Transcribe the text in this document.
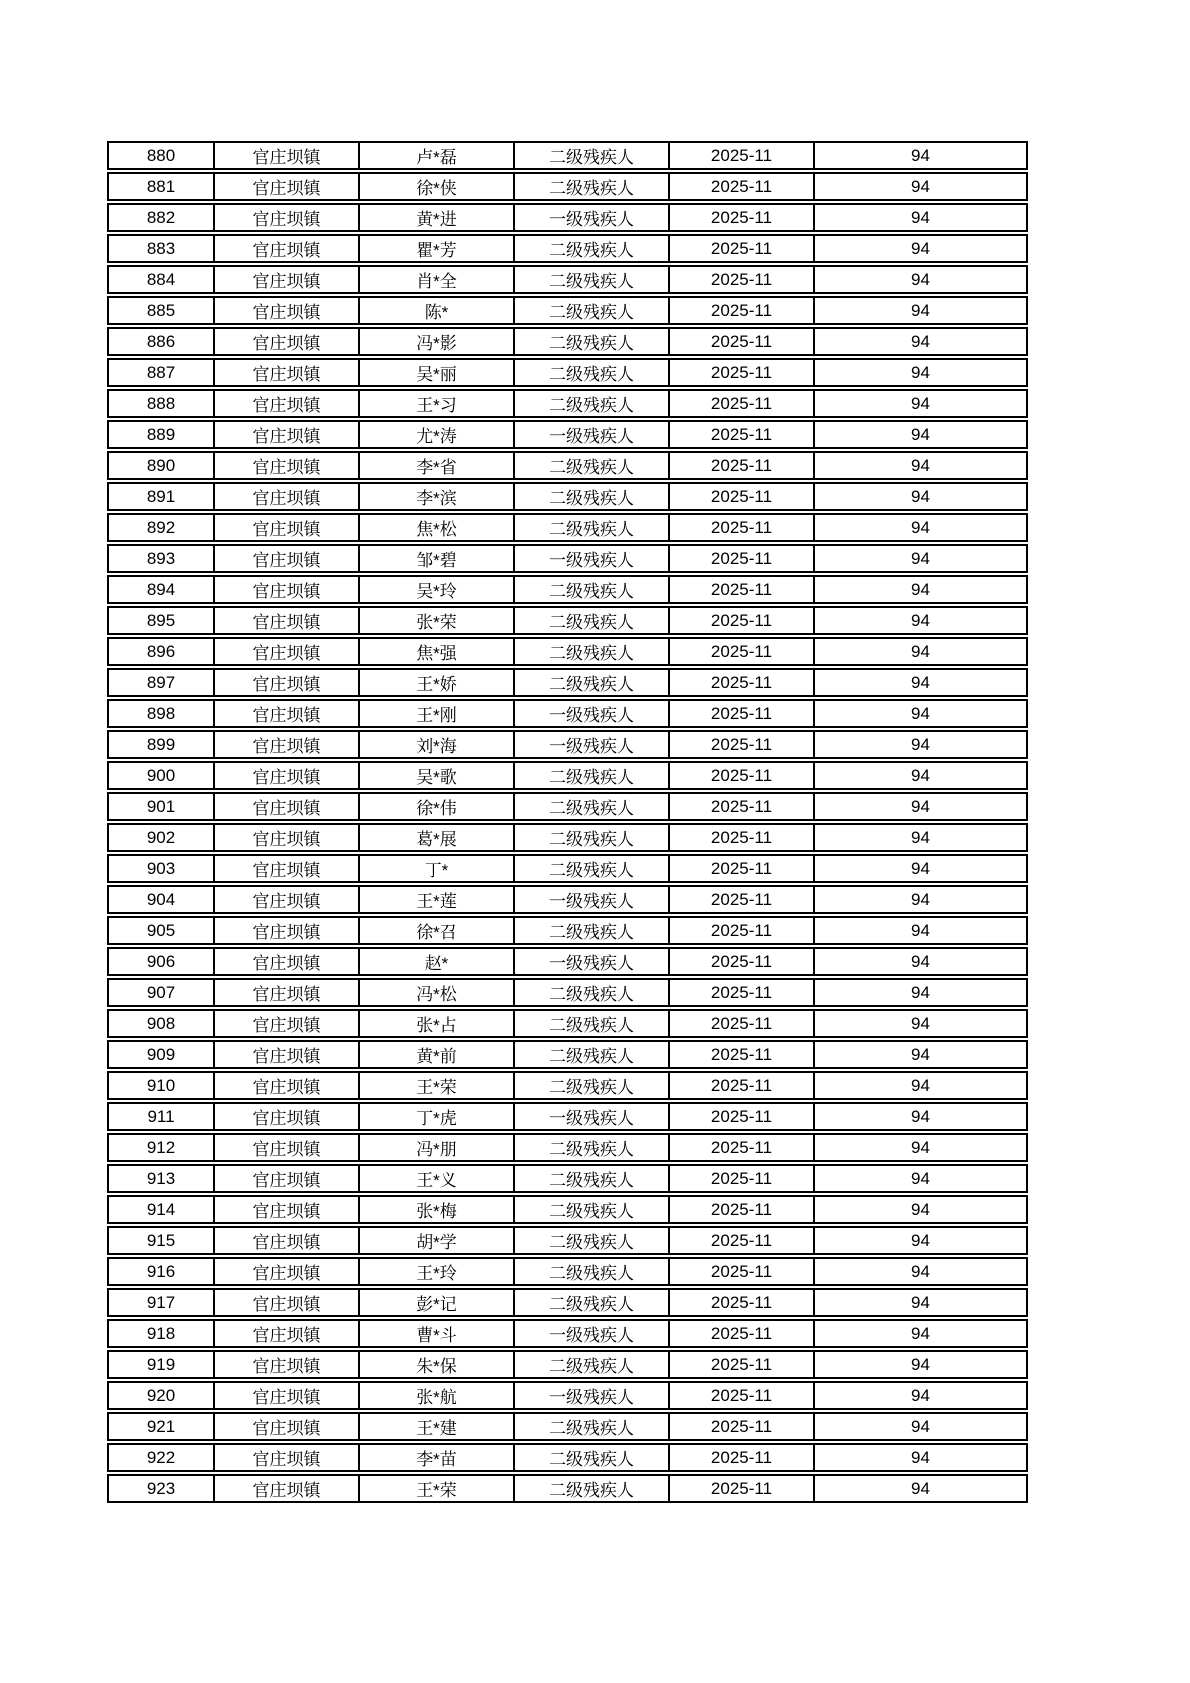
880	官庄坝镇	卢*磊	二级残疾人	2025-11	94
881	官庄坝镇	徐*侠	二级残疾人	2025-11	94
882	官庄坝镇	黄*进	一级残疾人	2025-11	94
883	官庄坝镇	瞿*芳	二级残疾人	2025-11	94
884	官庄坝镇	肖*全	二级残疾人	2025-11	94
885	官庄坝镇	陈*	二级残疾人	2025-11	94
886	官庄坝镇	冯*影	二级残疾人	2025-11	94
887	官庄坝镇	吴*丽	二级残疾人	2025-11	94
888	官庄坝镇	王*习	二级残疾人	2025-11	94
889	官庄坝镇	尤*涛	一级残疾人	2025-11	94
890	官庄坝镇	李*省	二级残疾人	2025-11	94
891	官庄坝镇	李*滨	二级残疾人	2025-11	94
892	官庄坝镇	焦*松	二级残疾人	2025-11	94
893	官庄坝镇	邹*碧	一级残疾人	2025-11	94
894	官庄坝镇	吴*玲	二级残疾人	2025-11	94
895	官庄坝镇	张*荣	二级残疾人	2025-11	94
896	官庄坝镇	焦*强	二级残疾人	2025-11	94
897	官庄坝镇	王*娇	二级残疾人	2025-11	94
898	官庄坝镇	王*刚	一级残疾人	2025-11	94
899	官庄坝镇	刘*海	一级残疾人	2025-11	94
900	官庄坝镇	吴*歌	二级残疾人	2025-11	94
901	官庄坝镇	徐*伟	二级残疾人	2025-11	94
902	官庄坝镇	葛*展	二级残疾人	2025-11	94
903	官庄坝镇	丁*	二级残疾人	2025-11	94
904	官庄坝镇	王*莲	一级残疾人	2025-11	94
905	官庄坝镇	徐*召	二级残疾人	2025-11	94
906	官庄坝镇	赵*	一级残疾人	2025-11	94
907	官庄坝镇	冯*松	二级残疾人	2025-11	94
908	官庄坝镇	张*占	二级残疾人	2025-11	94
909	官庄坝镇	黄*前	二级残疾人	2025-11	94
910	官庄坝镇	王*荣	二级残疾人	2025-11	94
911	官庄坝镇	丁*虎	一级残疾人	2025-11	94
912	官庄坝镇	冯*朋	二级残疾人	2025-11	94
913	官庄坝镇	王*义	二级残疾人	2025-11	94
914	官庄坝镇	张*梅	二级残疾人	2025-11	94
915	官庄坝镇	胡*学	二级残疾人	2025-11	94
916	官庄坝镇	王*玲	二级残疾人	2025-11	94
917	官庄坝镇	彭*记	二级残疾人	2025-11	94
918	官庄坝镇	曹*斗	一级残疾人	2025-11	94
919	官庄坝镇	朱*保	二级残疾人	2025-11	94
920	官庄坝镇	张*航	一级残疾人	2025-11	94
921	官庄坝镇	王*建	二级残疾人	2025-11	94
922	官庄坝镇	李*苗	二级残疾人	2025-11	94
923	官庄坝镇	王*荣	二级残疾人	2025-11	94
